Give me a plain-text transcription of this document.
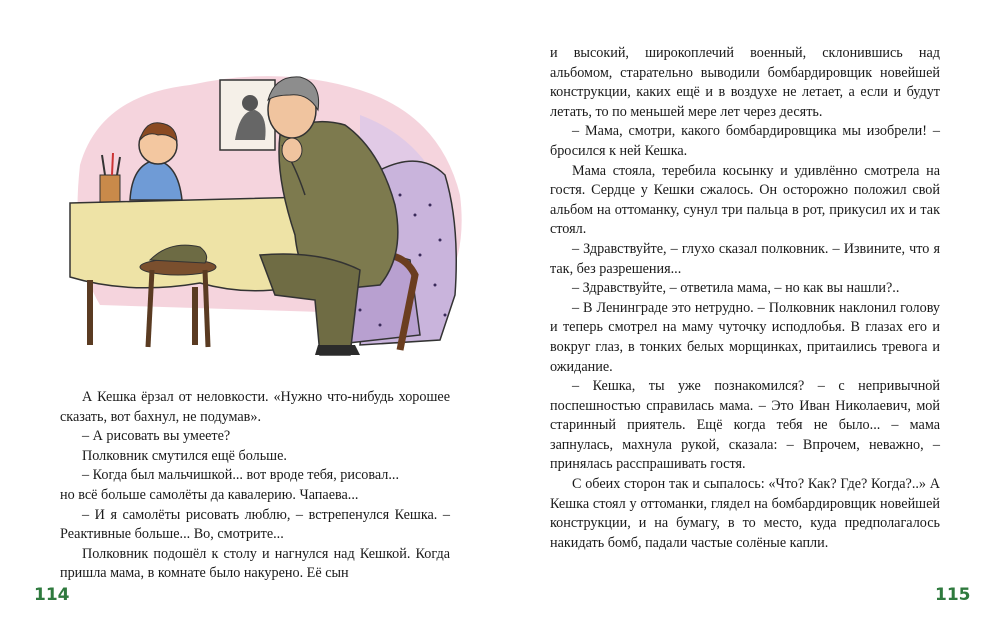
А Кешка ёрзал от неловкости. «Нужно что-нибудь хорошее сказать, вот бахнул, не подумав».

– А рисовать вы умеете?

Полковник смутился ещё больше.

– Когда был мальчишкой... вот вроде тебя, рисовал...

но всё больше самолёты да кавалерию. Чапаева...

– И я самолёты рисовать люблю, – встрепенулся Кешка. – Реактивные больше... Во, смотрите...

Полковник подошёл к столу и нагнулся над Кешкой. Когда пришла мама, в комнате было накурено. Её сын

114

и высокий, широкоплечий военный, склонившись над альбомом, старательно выводили бомбардировщик новейшей конструкции, каких ещё и в воздухе не летает, а если и будут летать, то по меньшей мере лет через десять.

– Мама, смотри, какого бомбардировщика мы изобрели! – бросился к ней Кешка.

Мама стояла, теребила косынку и удивлённо смотрела на гостя. Сердце у Кешки сжалось. Он осторожно положил свой альбом на оттоманку, сунул три пальца в рот, прикусил их и так стоял.

– Здравствуйте, – глухо сказал полковник. – Извините, что я так, без разрешения...

– Здравствуйте, – ответила мама, – но как вы нашли?..

– В Ленинграде это нетрудно. – Полковник наклонил голову и теперь смотрел на маму чуточку исподлобья. В глазах его и вокруг глаз, в тонких белых морщинках, притаились тревога и ожидание.

– Кешка, ты уже познакомился? – с непривычной поспешностью справилась мама. – Это Иван Николаевич, мой старинный приятель. Ещё когда тебя не было... – мама запнулась, махнула рукой, сказала: – Впрочем, неважно, – принялась расспрашивать гостя.

С обеих сторон так и сыпалось: «Что? Как? Где? Когда?..» А Кешка стоял у оттоманки, глядел на бомбардировщик новейшей конструкции, и на бумагу, в то место, куда предполагалось накидать бомб, падали частые солёные капли.

115
